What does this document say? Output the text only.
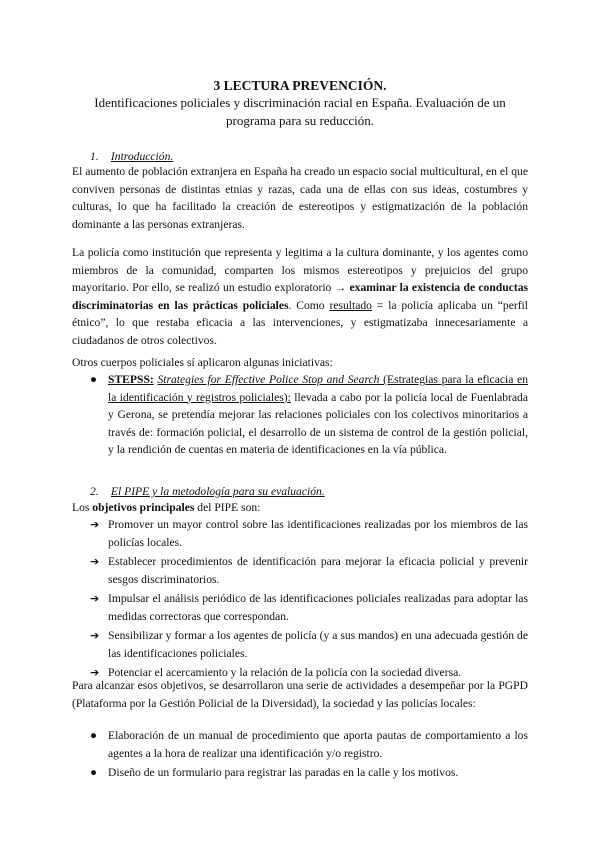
3 LECTURA PREVENCIÓN.
Identificaciones policiales y discriminación racial en España. Evaluación de un programa para su reducción.
1. Introducción.
El aumento de población extranjera en España ha creado un espacio social multicultural, en el que conviven personas de distintas etnias y razas, cada una de ellas con sus ideas, costumbres y culturas, lo que ha facilitado la creación de estereotipos y estigmatización de la población dominante a las personas extranjeras.
La policía como institución que representa y legitima a la cultura dominante, y los agentes como miembros de la comunidad, comparten los mismos estereotipos y prejuicios del grupo mayoritario. Por ello, se realizó un estudio exploratorio → examinar la existencia de conductas discriminatorias en las prácticas policiales. Como resultado = la policía aplicaba un “perfil étnico”, lo que restaba eficacia a las intervenciones, y estigmatizaba innecesariamente a ciudadanos de otros colectivos.
Otros cuerpos policiales sí aplicaron algunas iniciativas:
● STEPSS: Strategies for Effective Police Stop and Search (Estrategias para la eficacia en la identificación y registros policiales): llevada a cabo por la policía local de Fuenlabrada y Gerona, se pretendía mejorar las relaciones policiales con los colectivos minoritarios a través de: formación policial, el desarrollo de un sistema de control de la gestión policial, y la rendición de cuentas en materia de identificaciones en la vía pública.
2. El PIPE y la metodología para su evaluación.
Los objetivos principales del PIPE son:
➔ Promover un mayor control sobre las identificaciones realizadas por los miembros de las policías locales.
➔ Establecer procedimientos de identificación para mejorar la eficacia policial y prevenir sesgos discriminatorios.
➔ Impulsar el análisis periódico de las identificaciones policiales realizadas para adoptar las medidas correctoras que correspondan.
➔ Sensibilizar y formar a los agentes de policía (y a sus mandos) en una adecuada gestión de las identificaciones policiales.
➔ Potenciar el acercamiento y la relación de la policía con la sociedad diversa.
Para alcanzar esos objetivos, se desarrollaron una serie de actividades a desempeñar por la PGPD (Plataforma por la Gestión Policial de la Diversidad), la sociedad y las policías locales:
● Elaboración de un manual de procedimiento que aporta pautas de comportamiento a los agentes a la hora de realizar una identificación y/o registro.
● Diseño de un formulario para registrar las paradas en la calle y los motivos.
